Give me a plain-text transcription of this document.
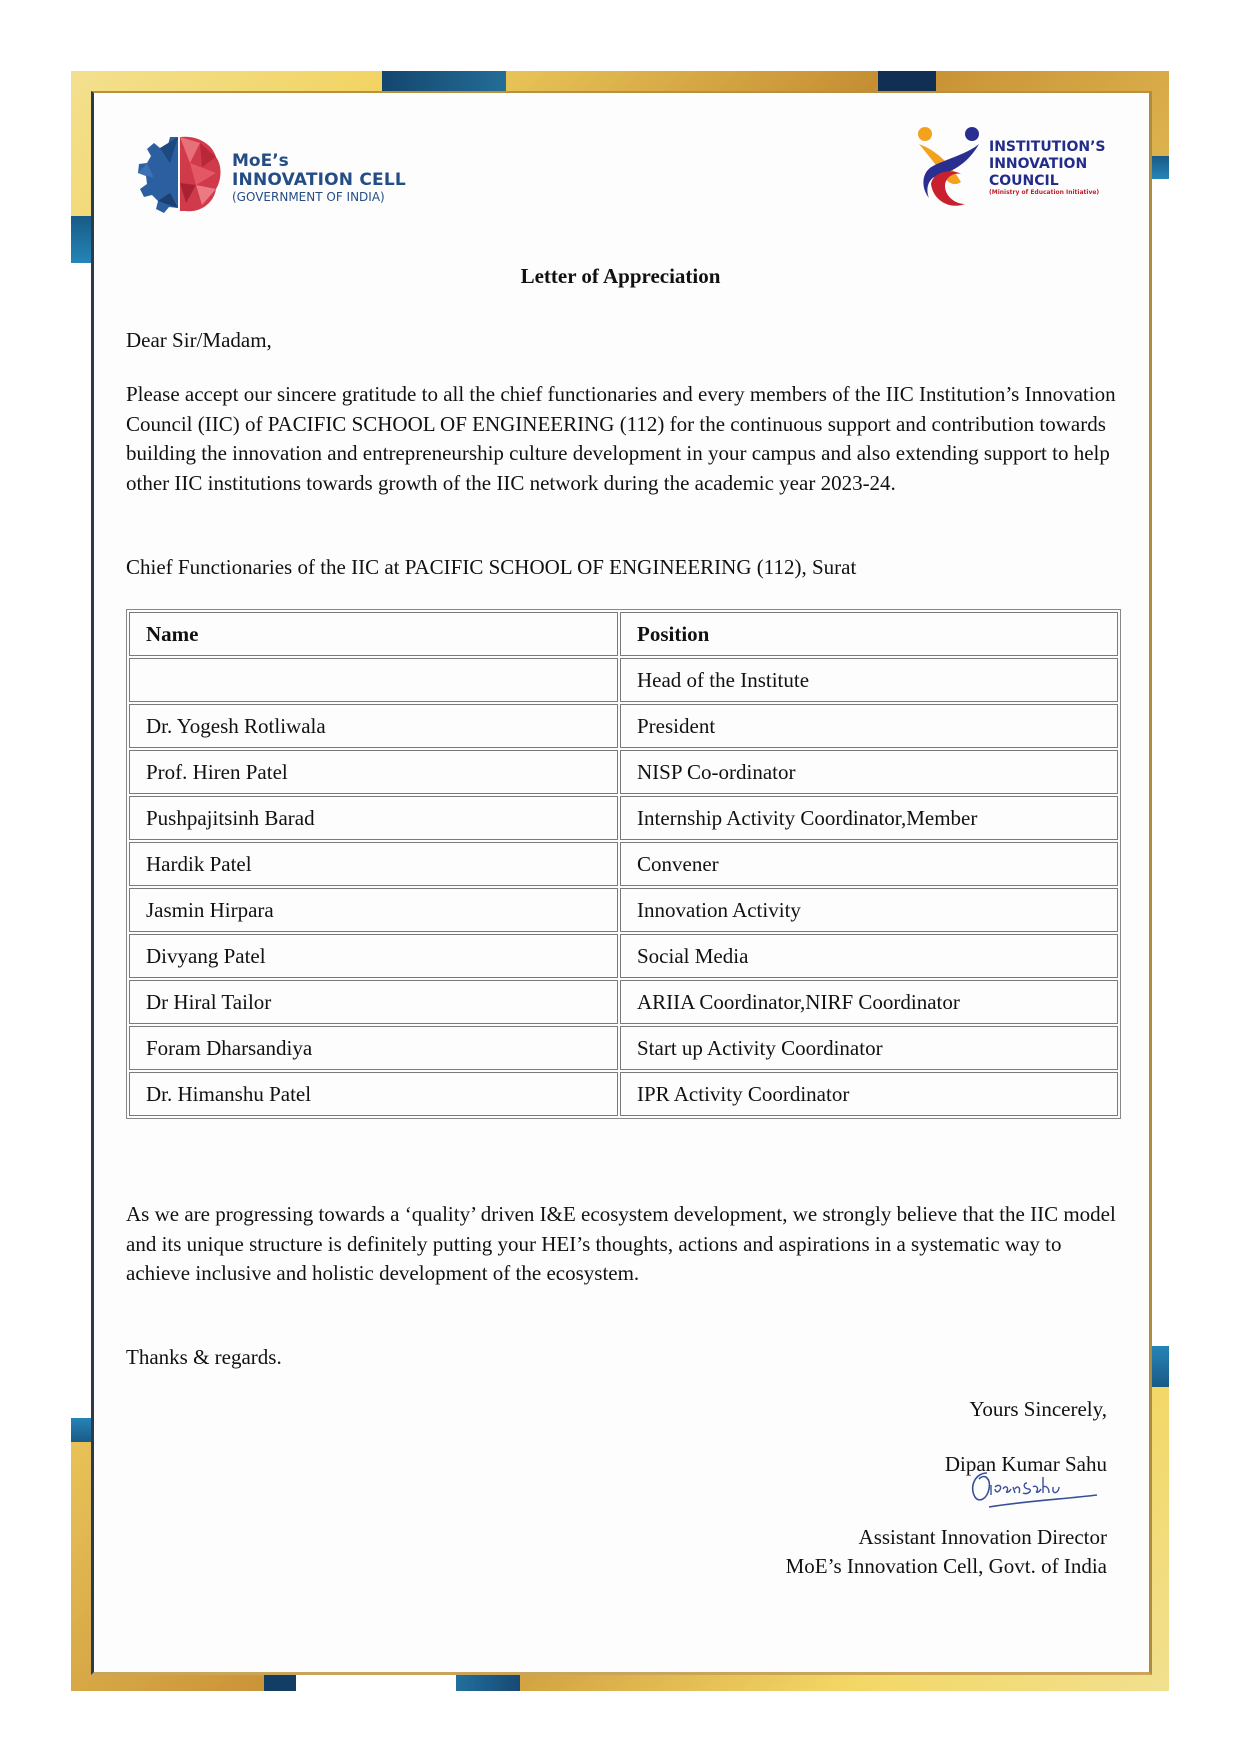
MoE’s
INNOVATION CELL
(GOVERNMENT OF INDIA)
INSTITUTION’S
INNOVATION
COUNCIL
(Ministry of Education Initiative)
Letter of Appreciation
Dear Sir/Madam,
Please accept our sincere gratitude to all the chief functionaries and every members of the IIC Institution’s Innovation Council (IIC) of PACIFIC SCHOOL OF ENGINEERING (112) for the continuous support and contribution towards building the innovation and entrepreneurship culture development in your campus and also extending support to help other IIC institutions towards growth of the IIC network during the academic year 2023-24.
Chief Functionaries of the IIC at PACIFIC SCHOOL OF ENGINEERING (112), Surat
Name	Position
	Head of the Institute
Dr. Yogesh Rotliwala	President
Prof. Hiren Patel	NISP Co-ordinator
Pushpajitsinh Barad	Internship Activity Coordinator,Member
Hardik Patel	Convener
Jasmin Hirpara	Innovation Activity
Divyang Patel	Social Media
Dr Hiral Tailor	ARIIA Coordinator,NIRF Coordinator
Foram Dharsandiya	Start up Activity Coordinator
Dr. Himanshu Patel	IPR Activity Coordinator
As we are progressing towards a ‘quality’ driven I&E ecosystem development, we strongly believe that the IIC model and its unique structure is definitely putting your HEI’s thoughts, actions and aspirations in a systematic way to achieve inclusive and holistic development of the ecosystem.
Thanks & regards.
Yours Sincerely,
Dipan Kumar Sahu
Assistant Innovation Director
MoE’s Innovation Cell, Govt. of India
